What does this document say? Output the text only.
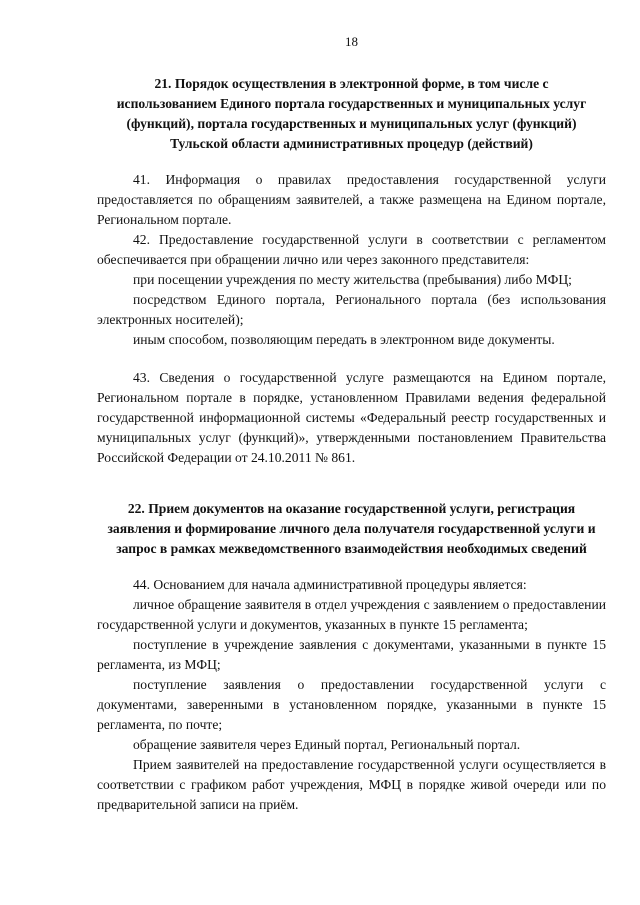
18
21. Порядок осуществления в электронной форме, в том числе с использованием Единого портала государственных и муниципальных услуг (функций), портала государственных и муниципальных услуг (функций) Тульской области административных процедур (действий)

41. Информация о правилах предоставления государственной услуги предоставляется по обращениям заявителей, а также размещена на Едином портале, Региональном портале.

42. Предоставление государственной услуги в соответствии с регламентом обеспечивается при обращении лично или через законного представителя:

при посещении учреждения по месту жительства (пребывания) либо МФЦ;

посредством Единого портала, Регионального портала (без использования электронных носителей);

иным способом, позволяющим передать в электронном виде документы.

43. Сведения о государственной услуге размещаются на Едином портале, Региональном портале в порядке, установленном Правилами ведения федеральной государственной информационной системы «Федеральный реестр государственных и муниципальных услуг (функций)», утвержденными постановлением Правительства Российской Федерации от 24.10.2011 № 861.

22. Прием документов на оказание государственной услуги, регистрация заявления и формирование личного дела получателя государственной услуги и запрос в рамках межведомственного взаимодействия необходимых сведений

44. Основанием для начала административной процедуры является:

личное обращение заявителя в отдел учреждения с заявлением о предоставлении государственной услуги и документов, указанных в пункте 15 регламента;

поступление в учреждение заявления с документами, указанными в пункте 15 регламента, из МФЦ;

поступление заявления о предоставлении государственной услуги с документами, заверенными в установленном порядке, указанными в пункте 15 регламента, по почте;

обращение заявителя через Единый портал, Региональный портал.

Прием заявителей на предоставление государственной услуги осуществляется в соответствии с графиком работ учреждения, МФЦ в порядке живой очереди или по предварительной записи на приём.
